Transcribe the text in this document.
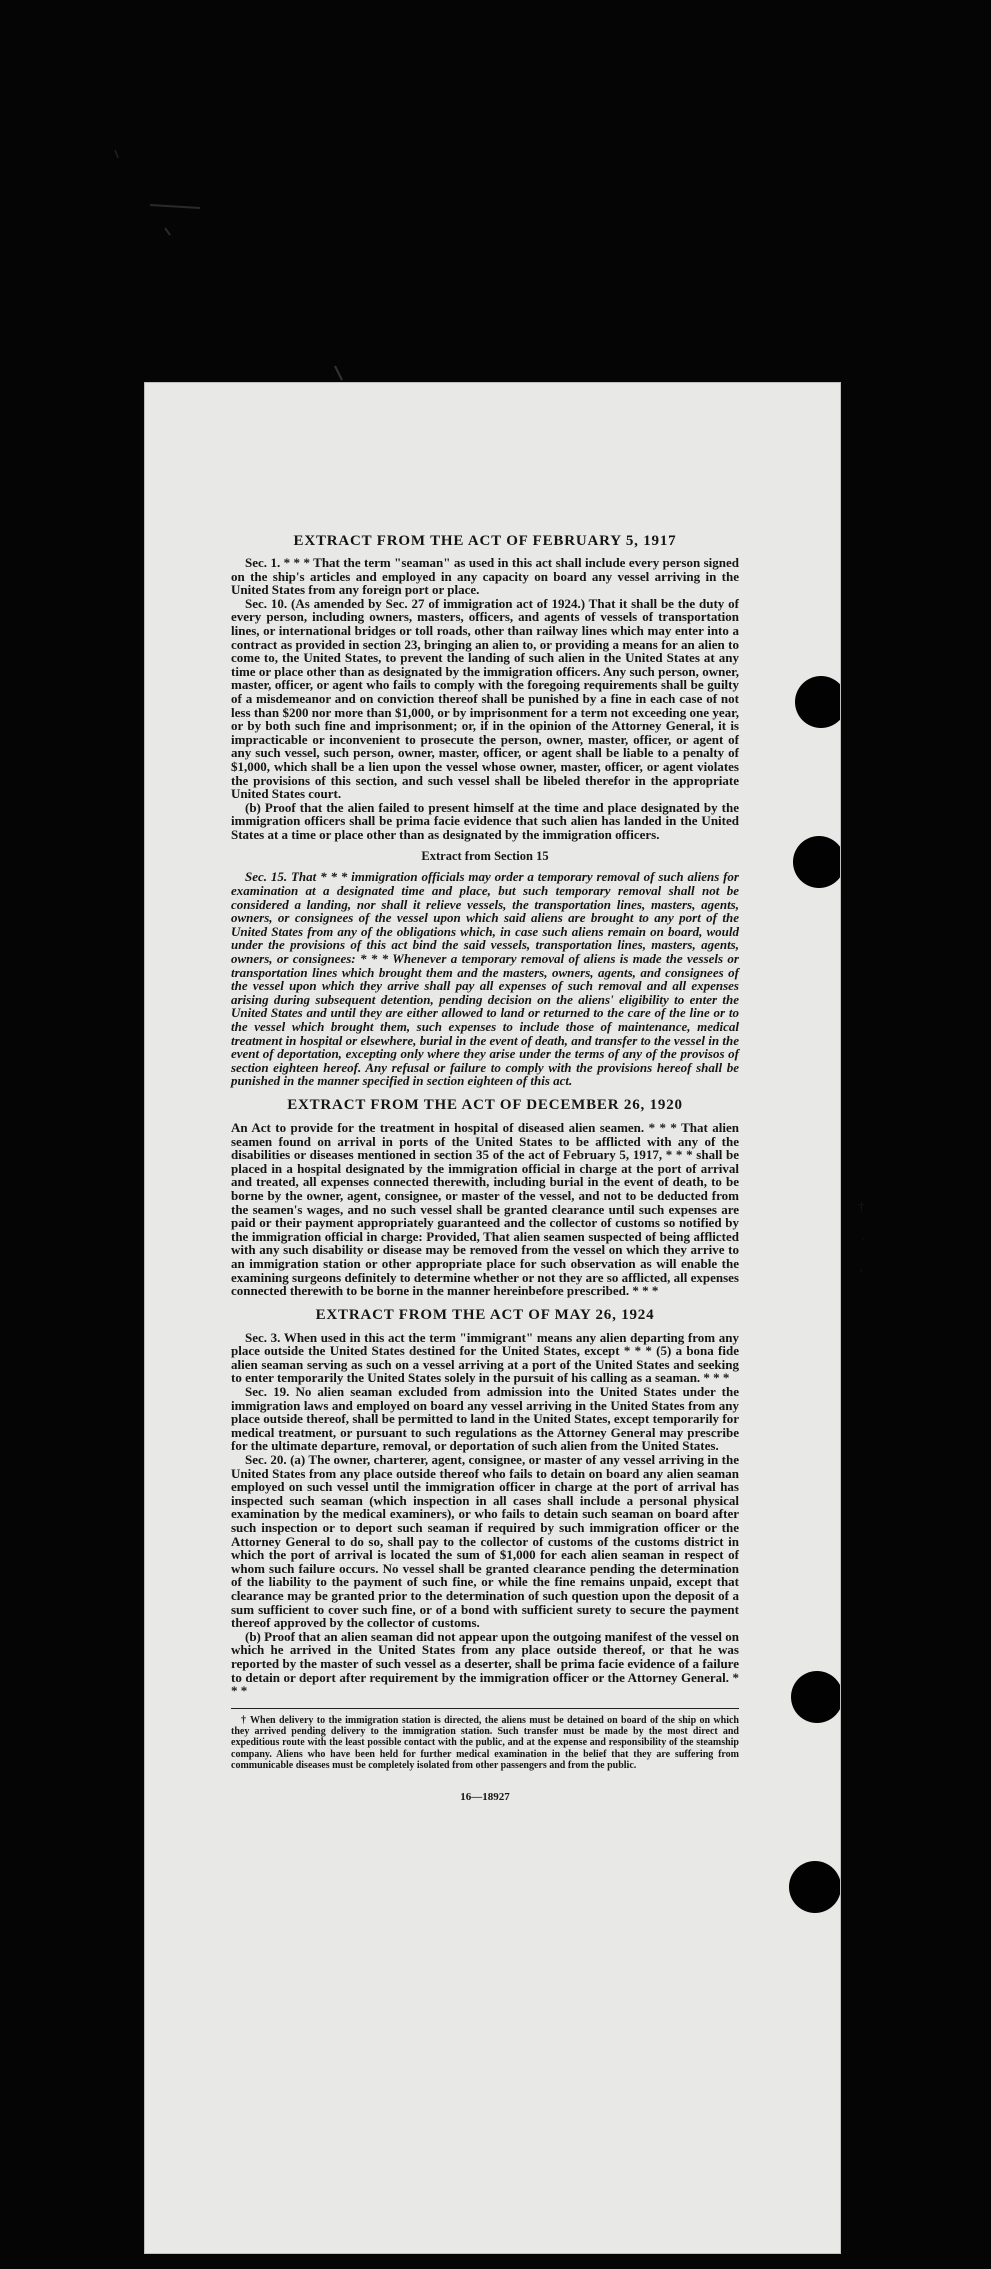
EXTRACT FROM THE ACT OF FEBRUARY 5, 1917

Sec. 1. * * * That the term "seaman" as used in this act shall include every person signed on the ship's articles and employed in any capacity on board any vessel arriving in the United States from any foreign port or place.

Sec. 10. (As amended by Sec. 27 of immigration act of 1924.) That it shall be the duty of every person, including owners, masters, officers, and agents of vessels of transportation lines, or international bridges or toll roads, other than railway lines which may enter into a contract as provided in section 23, bringing an alien to, or providing a means for an alien to come to, the United States, to prevent the landing of such alien in the United States at any time or place other than as designated by the immigration officers. Any such person, owner, master, officer, or agent who fails to comply with the foregoing requirements shall be guilty of a misdemeanor and on conviction thereof shall be punished by a fine in each case of not less than $200 nor more than $1,000, or by imprisonment for a term not exceeding one year, or by both such fine and imprisonment; or, if in the opinion of the Attorney General, it is impracticable or inconvenient to prosecute the person, owner, master, officer, or agent of any such vessel, such person, owner, master, officer, or agent shall be liable to a penalty of $1,000, which shall be a lien upon the vessel whose owner, master, officer, or agent violates the provisions of this section, and such vessel shall be libeled therefor in the appropriate United States court.

(b) Proof that the alien failed to present himself at the time and place designated by the immigration officers shall be prima facie evidence that such alien has landed in the United States at a time or place other than as designated by the immigration officers.

Extract from Section 15

Sec. 15. That * * * immigration officials may order a temporary removal of such aliens for examination at a designated time and place, but such temporary removal shall not be considered a landing, nor shall it relieve vessels, the transportation lines, masters, agents, owners, or consignees of the vessel upon which said aliens are brought to any port of the United States from any of the obligations which, in case such aliens remain on board, would under the provisions of this act bind the said vessels, transportation lines, masters, agents, owners, or consignees: * * * Whenever a temporary removal of aliens is made the vessels or transportation lines which brought them and the masters, owners, agents, and consignees of the vessel upon which they arrive shall pay all expenses of such removal and all expenses arising during subsequent detention, pending decision on the aliens' eligibility to enter the United States and until they are either allowed to land or returned to the care of the line or to the vessel which brought them, such expenses to include those of maintenance, medical treatment in hospital or elsewhere, burial in the event of death, and transfer to the vessel in the event of deportation, excepting only where they arise under the terms of any of the provisos of section eighteen hereof. Any refusal or failure to comply with the provisions hereof shall be punished in the manner specified in section eighteen of this act.

EXTRACT FROM THE ACT OF DECEMBER 26, 1920

An Act to provide for the treatment in hospital of diseased alien seamen. * * * That alien seamen found on arrival in ports of the United States to be afflicted with any of the disabilities or diseases mentioned in section 35 of the act of February 5, 1917, * * * shall be placed in a hospital designated by the immigration official in charge at the port of arrival and treated, all expenses connected therewith, including burial in the event of death, to be borne by the owner, agent, consignee, or master of the vessel, and not to be deducted from the seamen's wages, and no such vessel shall be granted clearance until such expenses are paid or their payment appropriately guaranteed and the collector of customs so notified by the immigration official in charge: Provided, That alien seamen suspected of being afflicted with any such disability or disease may be removed from the vessel on which they arrive to an immigration station or other appropriate place for such observation as will enable the examining surgeons definitely to determine whether or not they are so afflicted, all expenses connected therewith to be borne in the manner hereinbefore prescribed. * * *

EXTRACT FROM THE ACT OF MAY 26, 1924

Sec. 3. When used in this act the term "immigrant" means any alien departing from any place outside the United States destined for the United States, except * * * (5) a bona fide alien seaman serving as such on a vessel arriving at a port of the United States and seeking to enter temporarily the United States solely in the pursuit of his calling as a seaman. * * *

Sec. 19. No alien seaman excluded from admission into the United States under the immigration laws and employed on board any vessel arriving in the United States from any place outside thereof, shall be permitted to land in the United States, except temporarily for medical treatment, or pursuant to such regulations as the Attorney General may prescribe for the ultimate departure, removal, or deportation of such alien from the United States.

Sec. 20. (a) The owner, charterer, agent, consignee, or master of any vessel arriving in the United States from any place outside thereof who fails to detain on board any alien seaman employed on such vessel until the immigration officer in charge at the port of arrival has inspected such seaman (which inspection in all cases shall include a personal physical examination by the medical examiners), or who fails to detain such seaman on board after such inspection or to deport such seaman if required by such immigration officer or the Attorney General to do so, shall pay to the collector of customs of the customs district in which the port of arrival is located the sum of $1,000 for each alien seaman in respect of whom such failure occurs. No vessel shall be granted clearance pending the determination of the liability to the payment of such fine, or while the fine remains unpaid, except that clearance may be granted prior to the determination of such question upon the deposit of a sum sufficient to cover such fine, or of a bond with sufficient surety to secure the payment thereof approved by the collector of customs.

(b) Proof that an alien seaman did not appear upon the outgoing manifest of the vessel on which he arrived in the United States from any place outside thereof, or that he was reported by the master of such vessel as a deserter, shall be prima facie evidence of a failure to detain or deport after requirement by the immigration officer or the Attorney General. * * *

† When delivery to the immigration station is directed, the aliens must be detained on board of the ship on which they arrived pending delivery to the immigration station. Such transfer must be made by the most direct and expeditious route with the least possible contact with the public, and at the expense and responsibility of the steamship company. Aliens who have been held for further medical examination in the belief that they are suffering from communicable diseases must be completely isolated from other passengers and from the public.

16—18927

†
·
,
